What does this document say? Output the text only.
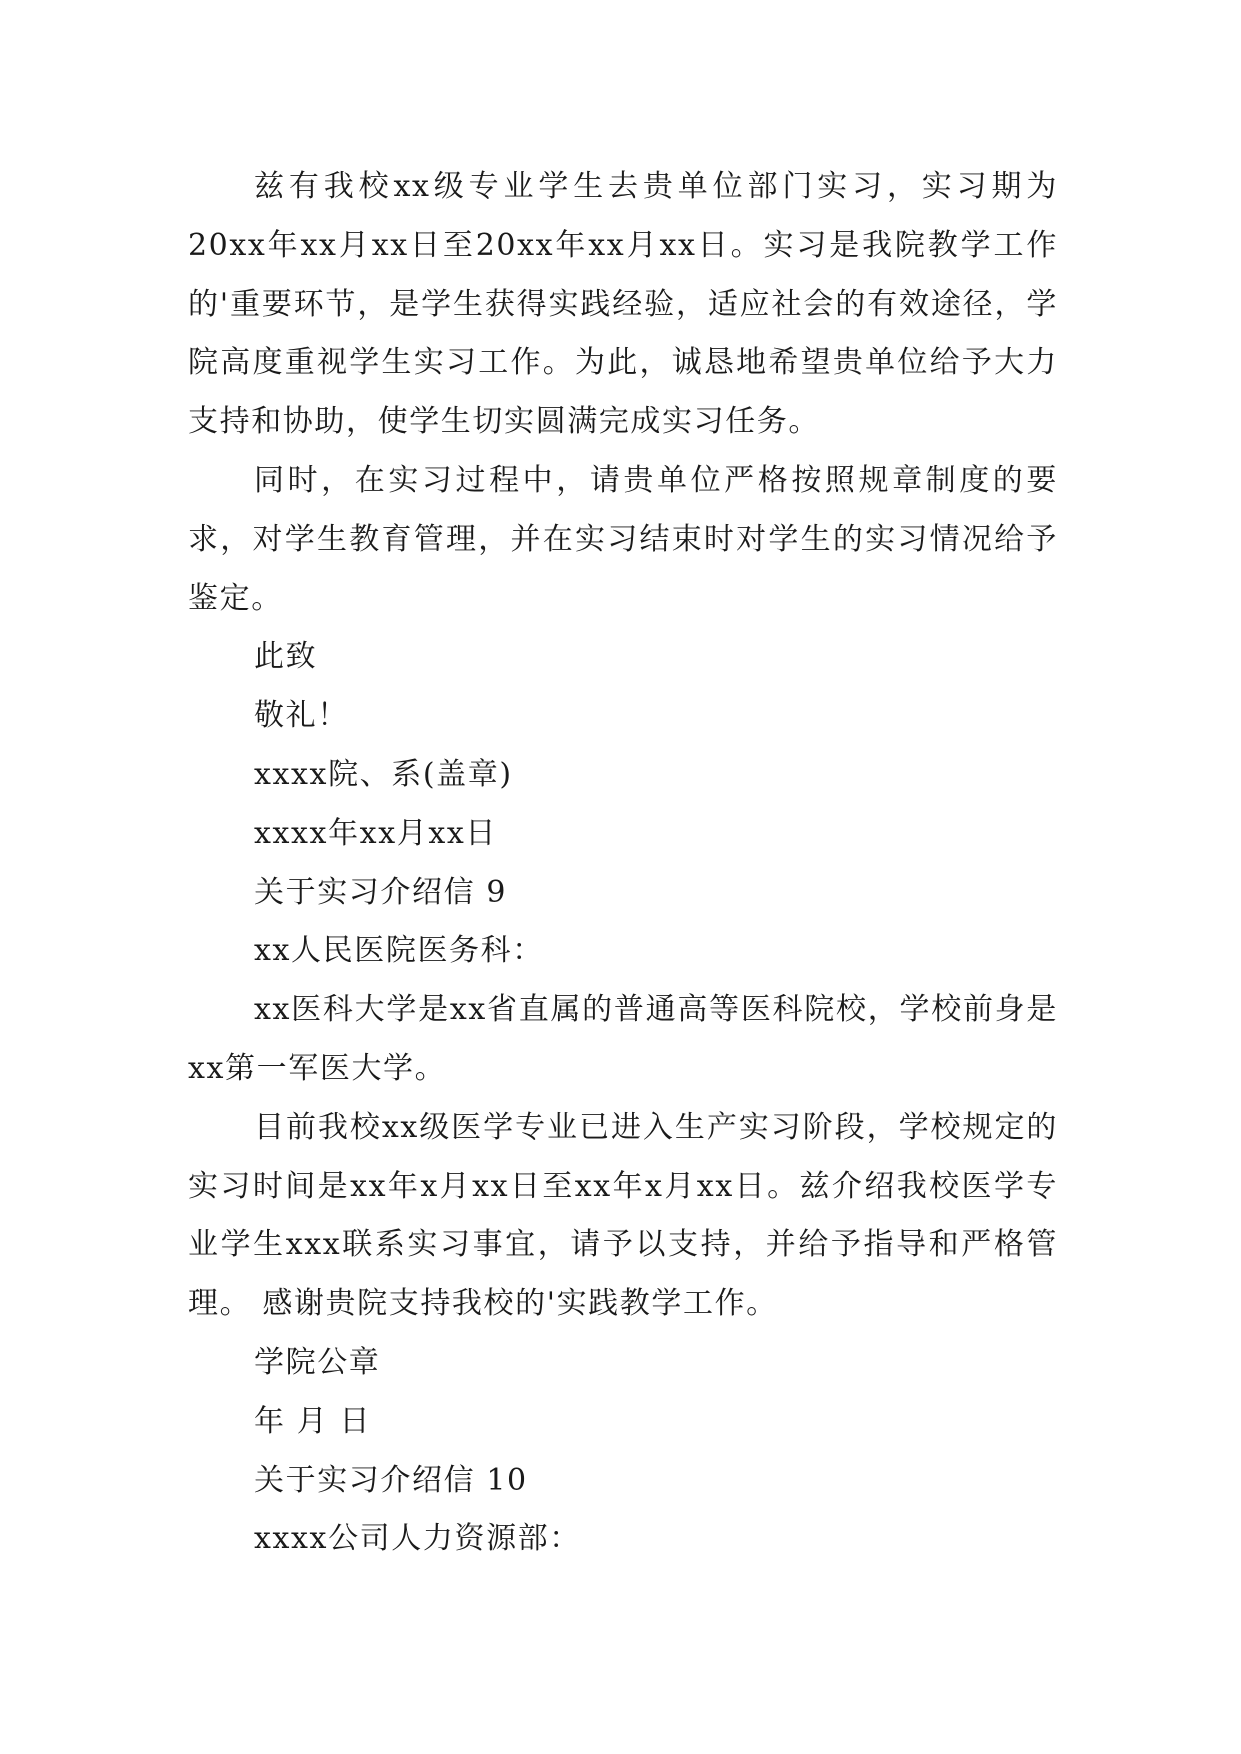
兹有我校xx级专业学生去贵单位部门实习，实习期为20xx年xx月xx日至20xx年xx月xx日。实习是我院教学工作的'重要环节，是学生获得实践经验，适应社会的有效途径，学院高度重视学生实习工作。为此，诚恳地希望贵单位给予大力支持和协助，使学生切实圆满完成实习任务。

同时，在实习过程中，请贵单位严格按照规章制度的要求，对学生教育管理，并在实习结束时对学生的实习情况给予鉴定。

此致

敬礼！

xxxx院、系(盖章)

xxxx年xx月xx日

关于实习介绍信 9

xx人民医院医务科：

xx医科大学是xx省直属的普通高等医科院校，学校前身是xx第一军医大学。

目前我校xx级医学专业已进入生产实习阶段，学校规定的实习时间是xx年x月xx日至xx年x月xx日。兹介绍我校医学专业学生xxx联系实习事宜，请予以支持，并给予指导和严格管理。 感谢贵院支持我校的'实践教学工作。

学院公章

年 月 日

关于实习介绍信 10

xxxx公司人力资源部：
